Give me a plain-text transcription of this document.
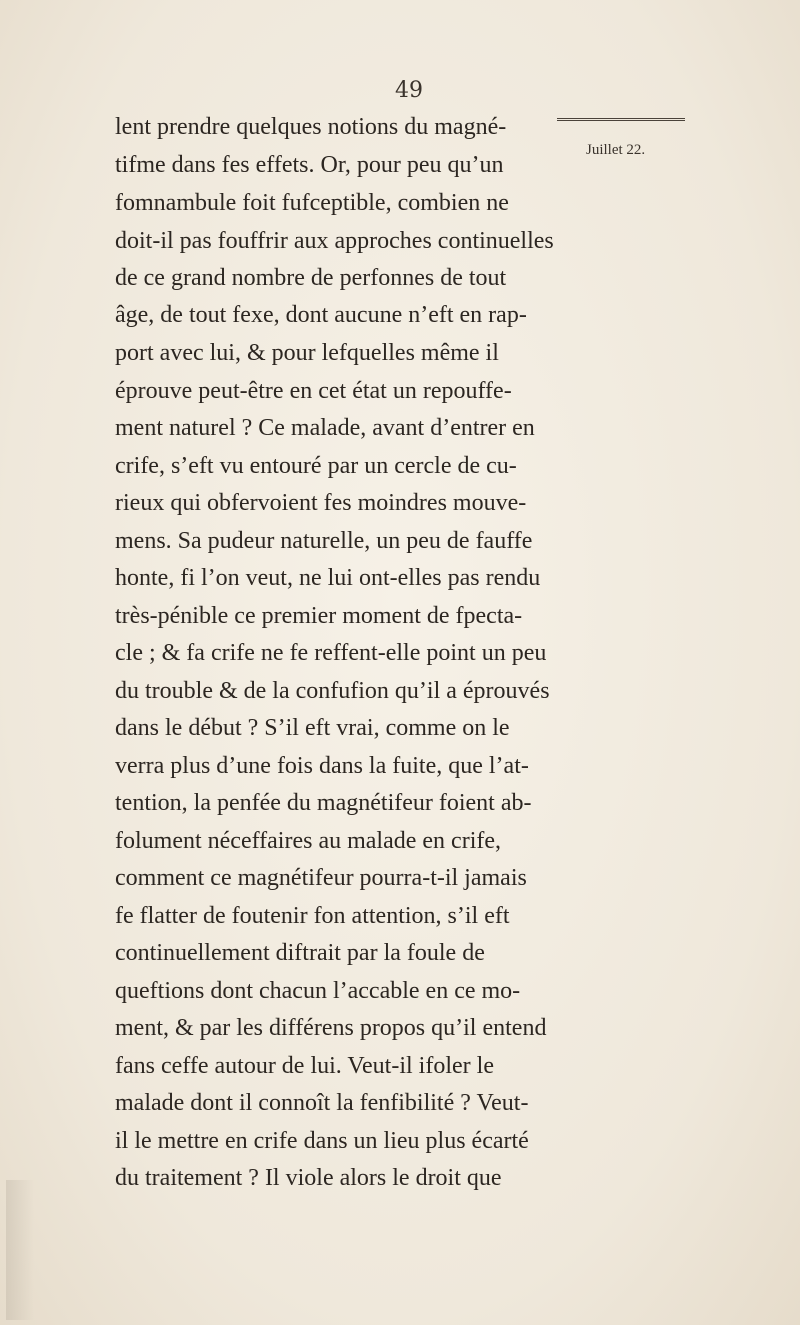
49
Juillet 22.
lent prendre quelques notions du magné-
tifme dans fes effets. Or, pour peu qu’un
fomnambule foit fufceptible, combien ne
doit-il pas fouffrir aux approches continuelles
de ce grand nombre de perfonnes de tout
âge, de tout fexe, dont aucune n’eft en rap-
port avec lui, & pour lefquelles même il
éprouve peut-être en cet état un repouffe-
ment naturel ? Ce malade, avant d’entrer en
crife, s’eft vu entouré par un cercle de cu-
rieux qui obfervoient fes moindres mouve-
mens. Sa pudeur naturelle, un peu de fauffe
honte, fi l’on veut, ne lui ont-elles pas rendu
très-pénible ce premier moment de fpecta-
cle ; & fa crife ne fe reffent-elle point un peu
du trouble & de la confufion qu’il a éprouvés
dans le début ? S’il eft vrai, comme on le
verra plus d’une fois dans la fuite, que l’at-
tention, la penfée du magnétifeur foient ab-
folument néceffaires au malade en crife,
comment ce magnétifeur pourra-t-il jamais
fe flatter de foutenir fon attention, s’il eft
continuellement diftrait par la foule de
queftions dont chacun l’accable en ce mo-
ment, & par les différens propos qu’il entend
fans ceffe autour de lui. Veut-il ifoler le
malade dont il connoît la fenfibilité ? Veut-
il le mettre en crife dans un lieu plus écarté
du traitement ? Il viole alors le droit que
